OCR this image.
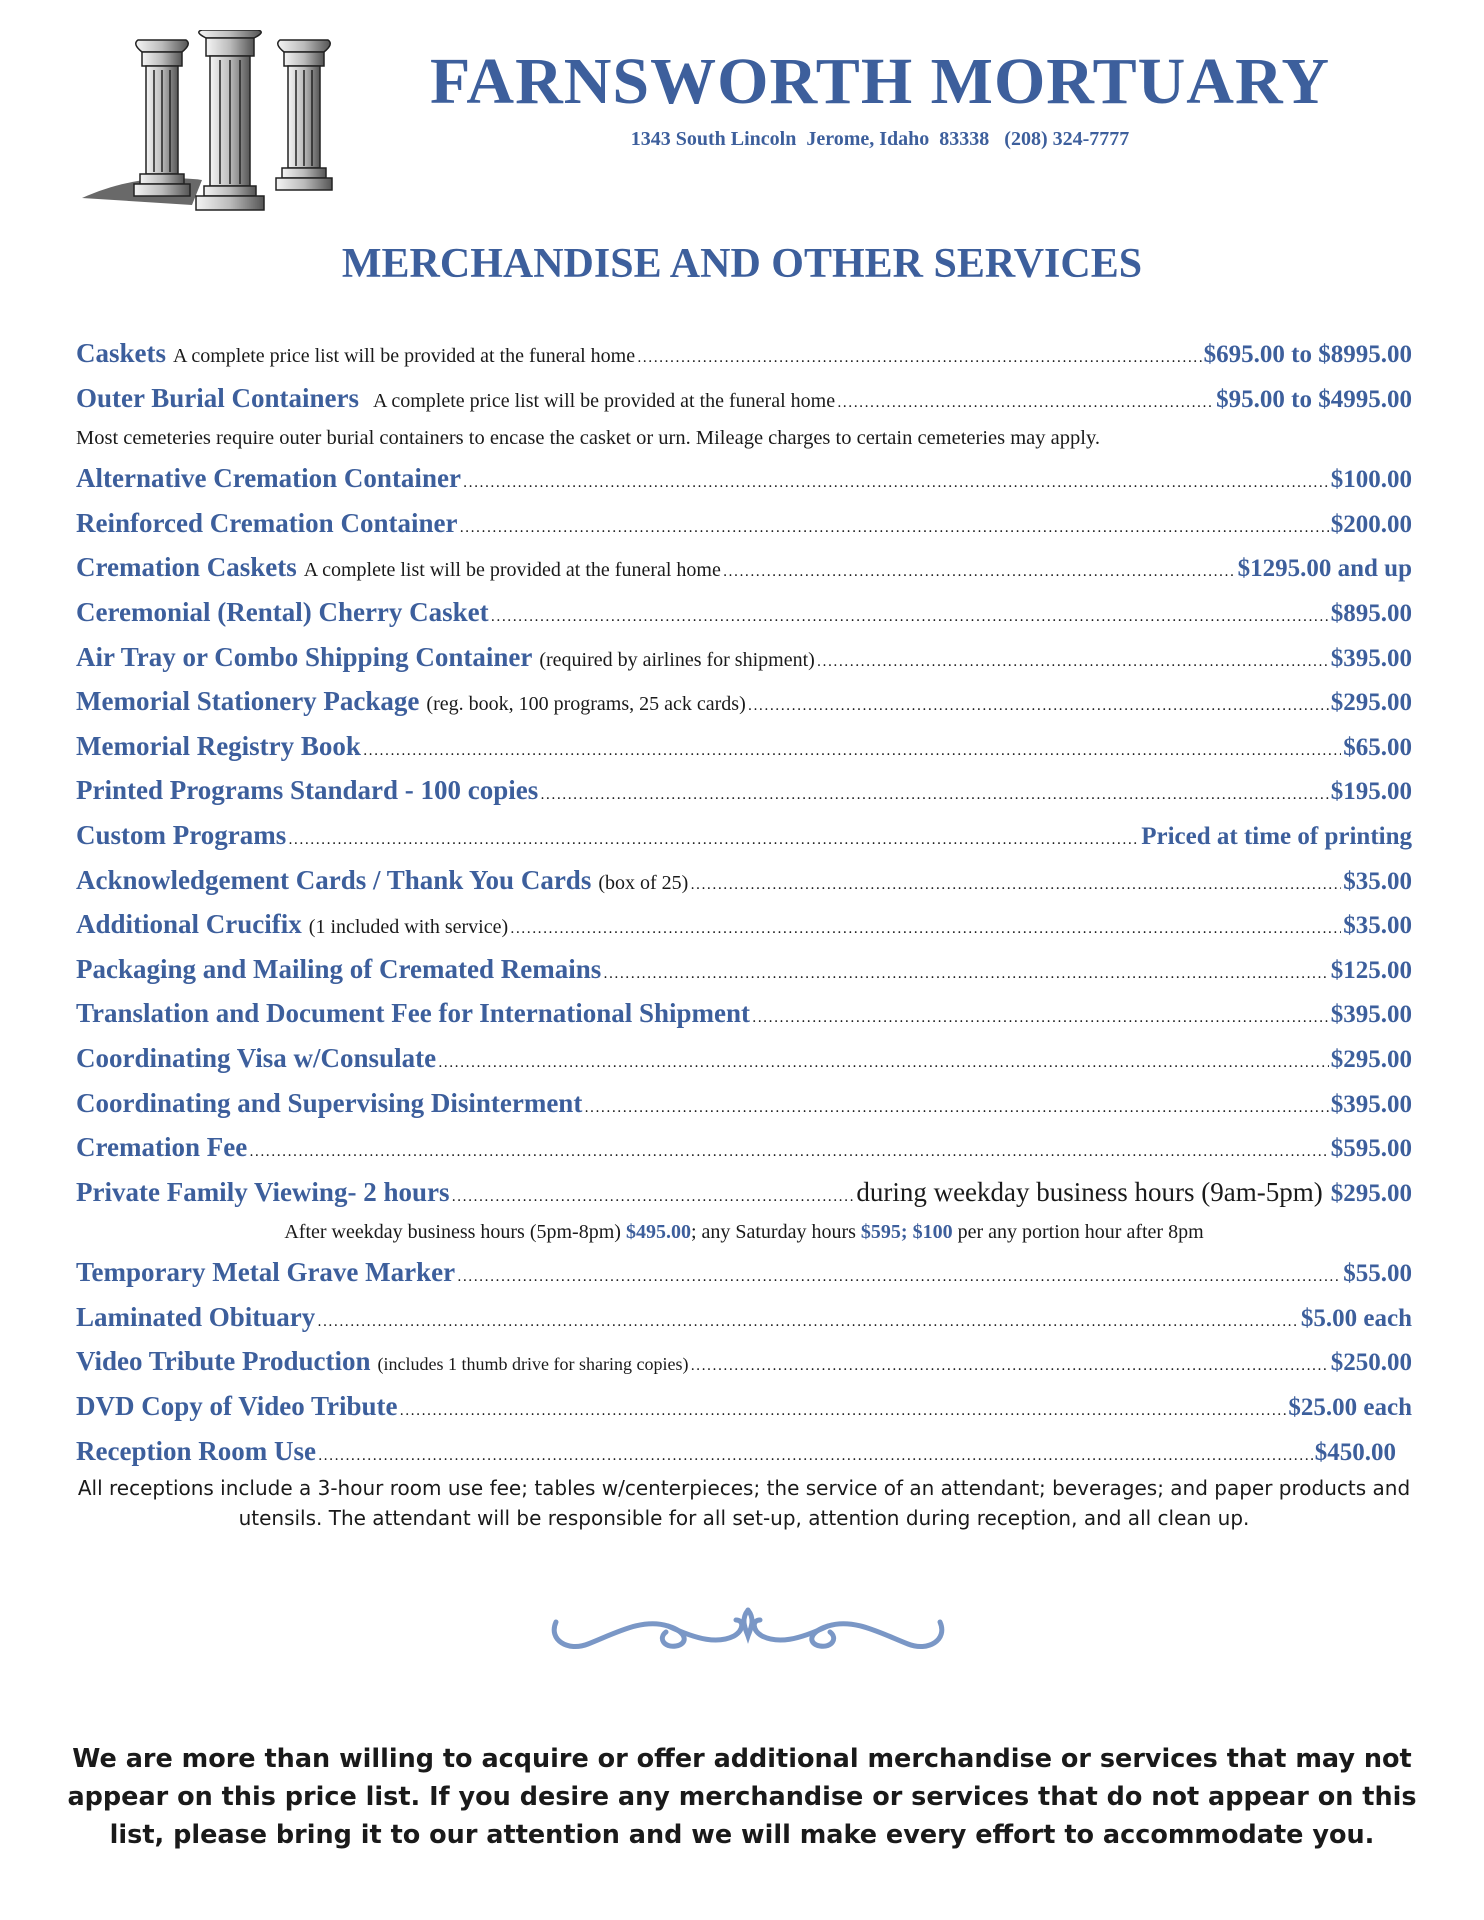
FARNSWORTH MORTUARY
1343 South Lincoln  Jerome, Idaho  83338   (208) 324-7777
MERCHANDISE AND OTHER SERVICES
Caskets A complete price list will be provided at the funeral home .....	$695.00 to $8995.00
Outer Burial Containers A complete price list will be provided at the funeral home .....	$95.00 to $4995.00
Most cemeteries require outer burial containers to encase the casket or urn. Mileage charges to certain cemeteries may apply.
Alternative Cremation Container .....	$100.00
Reinforced Cremation Container .....	$200.00
Cremation Caskets A complete list will be provided at the funeral home .....	$1295.00 and up
Ceremonial (Rental) Cherry Casket .....	$895.00
Air Tray or Combo Shipping Container (required by airlines for shipment) .....	$395.00
Memorial Stationery Package (reg. book, 100 programs, 25 ack cards) .....	$295.00
Memorial Registry Book .....	$65.00
Printed Programs Standard - 100 copies .....	$195.00
Custom Programs .....	Priced at time of printing
Acknowledgement Cards / Thank You Cards (box of 25) .....	$35.00
Additional Crucifix (1 included with service) .....	$35.00
Packaging and Mailing of Cremated Remains .....	$125.00
Translation and Document Fee for International Shipment .....	$395.00
Coordinating Visa w/Consulate .....	$295.00
Coordinating and Supervising Disinterment .....	$395.00
Cremation Fee .....	$595.00
Private Family Viewing- 2 hours .....	during weekday business hours (9am-5pm) $295.00
After weekday business hours (5pm-8pm) $495.00; any Saturday hours $595; $100 per any portion hour after 8pm
Temporary Metal Grave Marker .....	$55.00
Laminated Obituary .....	$5.00 each
Video Tribute Production (includes 1 thumb drive for sharing copies) .....	$250.00
DVD Copy of Video Tribute .....	$25.00 each
Reception Room Use .....	$450.00
All receptions include a 3-hour room use fee; tables w/centerpieces; the service of an attendant; beverages; and paper products and utensils. The attendant will be responsible for all set-up, attention during reception, and all clean up.
We are more than willing to acquire or offer additional merchandise or services that may not appear on this price list. If you desire any merchandise or services that do not appear on this list, please bring it to our attention and we will make every effort to accommodate you.
